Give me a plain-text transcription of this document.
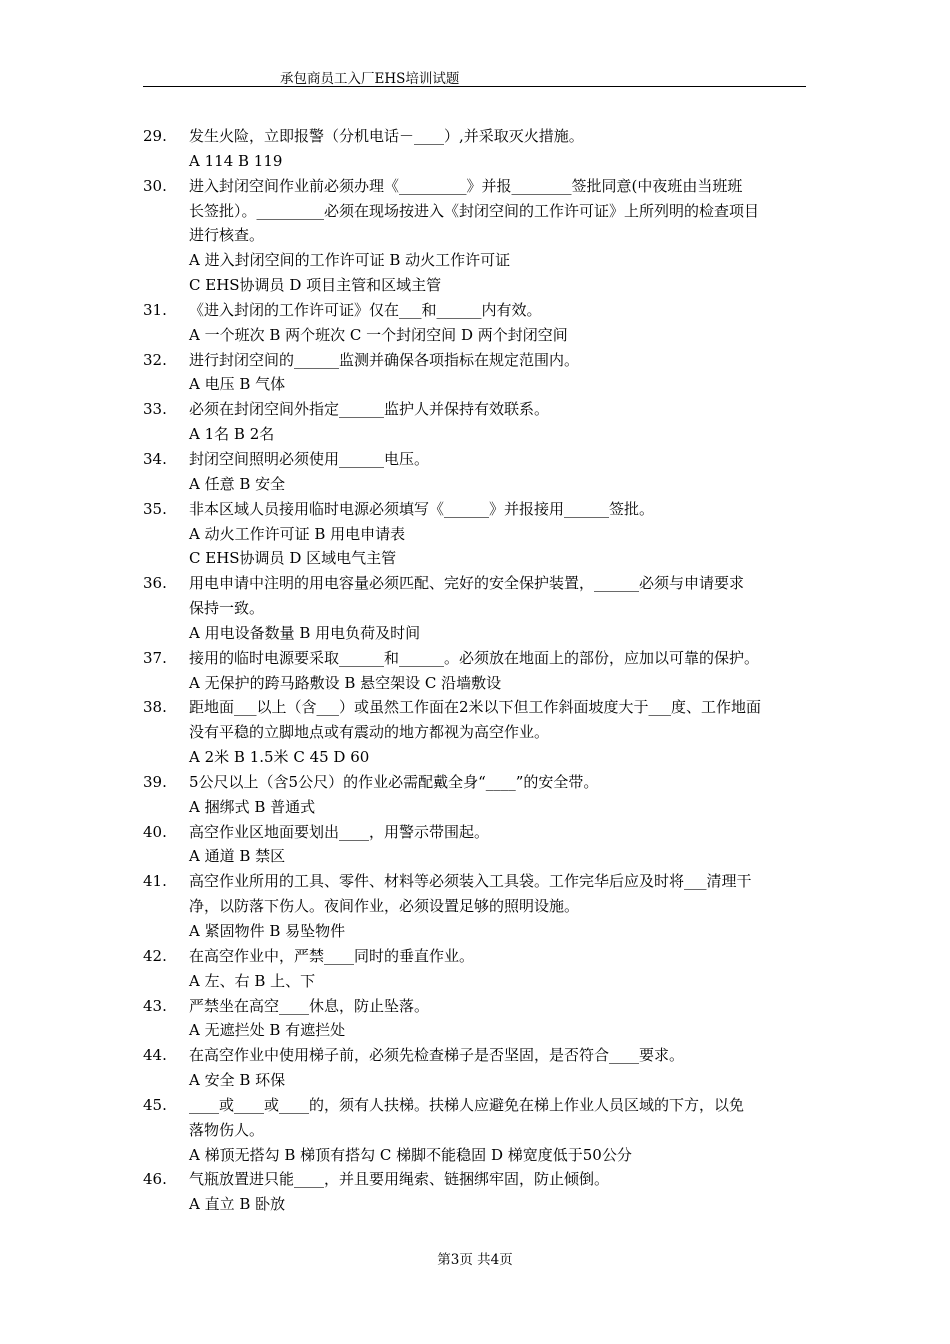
承包商员工入厂EHS培训试题
29. 发生火险，立即报警（分机电话－____）,并采取灭火措施。
A 114 B 119
30. 进入封闭空间作业前必须办理《_________》并报________签批同意(中夜班由当班班
长签批）。_________必须在现场按进入《封闭空间的工作许可证》上所列明的检查项目
进行核查。
A 进入封闭空间的工作许可证 B 动火工作许可证
C EHS协调员 D 项目主管和区域主管
31. 《进入封闭的工作许可证》仅在___和______内有效。
A 一个班次 B 两个班次 C 一个封闭空间 D 两个封闭空间
32. 进行封闭空间的______监测并确保各项指标在规定范围内。
A 电压 B 气体
33. 必须在封闭空间外指定______监护人并保持有效联系。
A 1名 B 2名
34. 封闭空间照明必须使用______电压。
A 任意 B 安全
35. 非本区域人员接用临时电源必须填写《______》并报接用______签批。
A 动火工作许可证 B 用电申请表
C EHS协调员 D 区域电气主管
36. 用电申请中注明的用电容量必须匹配、完好的安全保护装置，______必须与申请要求
保持一致。
A 用电设备数量 B 用电负荷及时间
37. 接用的临时电源要采取______和______。必须放在地面上的部份，应加以可靠的保护。
A 无保护的跨马路敷设 B 悬空架设 C 沿墙敷设
38. 距地面___以上（含___）或虽然工作面在2米以下但工作斜面坡度大于___度、工作地面
没有平稳的立脚地点或有震动的地方都视为高空作业。
A 2米 B 1.5米 C 45 D 60
39. 5公尺以上（含5公尺）的作业必需配戴全身“____”的安全带。
A 捆绑式 B 普通式
40. 高空作业区地面要划出____，用警示带围起。
A 通道 B 禁区
41. 高空作业所用的工具、零件、材料等必须装入工具袋。工作完华后应及时将___清理干
净，以防落下伤人。夜间作业，必须设置足够的照明设施。
A 紧固物件 B 易坠物件
42. 在高空作业中，严禁____同时的垂直作业。
A 左、右 B 上、下
43. 严禁坐在高空____休息，防止坠落。
A 无遮拦处 B 有遮拦处
44. 在高空作业中使用梯子前，必须先检查梯子是否坚固，是否符合____要求。
A 安全 B 环保
45. ____或____或____的，须有人扶梯。扶梯人应避免在梯上作业人员区域的下方，以免
落物伤人。
A 梯顶无搭勾 B 梯顶有搭勾 C 梯脚不能稳固 D 梯宽度低于50公分
46. 气瓶放置进只能____，并且要用绳索、链捆绑牢固，防止倾倒。
A 直立 B 卧放
第3页 共4页
